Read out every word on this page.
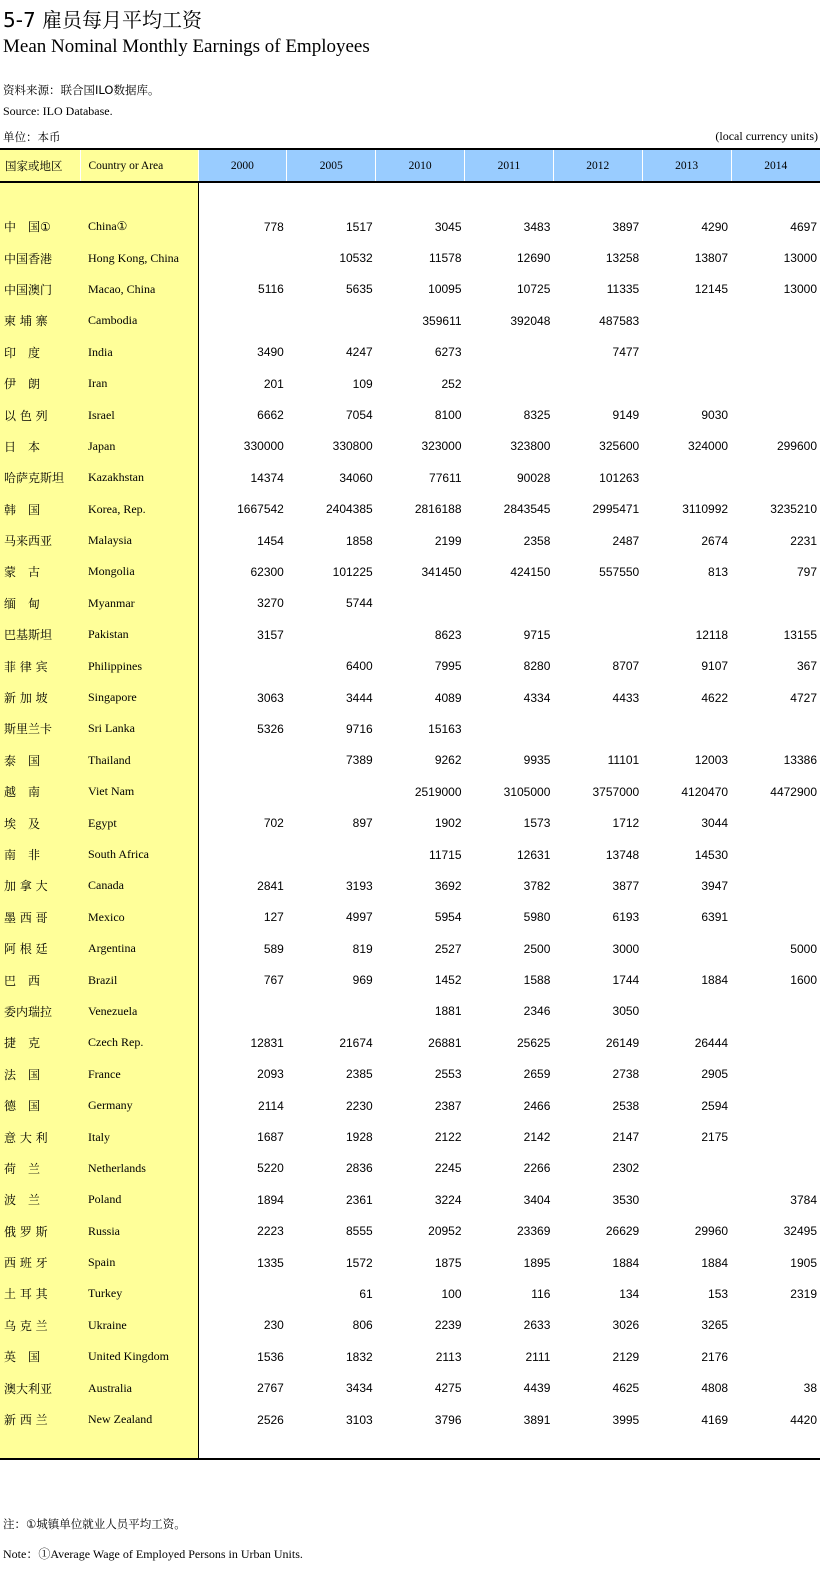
5-7 雇员每月平均工资
Mean Nominal Monthly Earnings of Employees
资料来源：联合国ILO数据库。
Source: ILO Database.
单位：本币	(local currency units)
国家或地区	Country or Area	2000	2005	2010	2011	2012	2013	2014

中　国①	China①	778	1517	3045	3483	3897	4290	4697
中国香港	Hong Kong, China		10532	11578	12690	13258	13807	13000
中国澳门	Macao, China	5116	5635	10095	10725	11335	12145	13000
柬 埔 寨	Cambodia			359611	392048	487583		
印　度	India	3490	4247	6273		7477		
伊　朗	Iran	201	109	252				
以 色 列	Israel	6662	7054	8100	8325	9149	9030	
日　本	Japan	330000	330800	323000	323800	325600	324000	299600
哈萨克斯坦	Kazakhstan	14374	34060	77611	90028	101263		
韩　国	Korea, Rep.	1667542	2404385	2816188	2843545	2995471	3110992	3235210
马来西亚	Malaysia	1454	1858	2199	2358	2487	2674	2231
蒙　古	Mongolia	62300	101225	341450	424150	557550	813	797
缅　甸	Myanmar	3270	5744					
巴基斯坦	Pakistan	3157		8623	9715		12118	13155
菲 律 宾	Philippines		6400	7995	8280	8707	9107	367
新 加 坡	Singapore	3063	3444	4089	4334	4433	4622	4727
斯里兰卡	Sri Lanka	5326	9716	15163				
泰　国	Thailand		7389	9262	9935	11101	12003	13386
越　南	Viet Nam			2519000	3105000	3757000	4120470	4472900
埃　及	Egypt	702	897	1902	1573	1712	3044	
南　非	South Africa			11715	12631	13748	14530	
加 拿 大	Canada	2841	3193	3692	3782	3877	3947	
墨 西 哥	Mexico	127	4997	5954	5980	6193	6391	
阿 根 廷	Argentina	589	819	2527	2500	3000		5000
巴　西	Brazil	767	969	1452	1588	1744	1884	1600
委内瑞拉	Venezuela			1881	2346	3050		
捷　克	Czech Rep.	12831	21674	26881	25625	26149	26444	
法　国	France	2093	2385	2553	2659	2738	2905	
德　国	Germany	2114	2230	2387	2466	2538	2594	
意 大 利	Italy	1687	1928	2122	2142	2147	2175	
荷　兰	Netherlands	5220	2836	2245	2266	2302		
波　兰	Poland	1894	2361	3224	3404	3530		3784
俄 罗 斯	Russia	2223	8555	20952	23369	26629	29960	32495
西 班 牙	Spain	1335	1572	1875	1895	1884	1884	1905
土 耳 其	Turkey		61	100	116	134	153	2319
乌 克 兰	Ukraine	230	806	2239	2633	3026	3265	
英　国	United Kingdom	1536	1832	2113	2111	2129	2176	
澳大利亚	Australia	2767	3434	4275	4439	4625	4808	38
新 西 兰	New Zealand	2526	3103	3796	3891	3995	4169	4420

注：①城镇单位就业人员平均工资。
Note：①Average Wage of Employed Persons in Urban Units.
